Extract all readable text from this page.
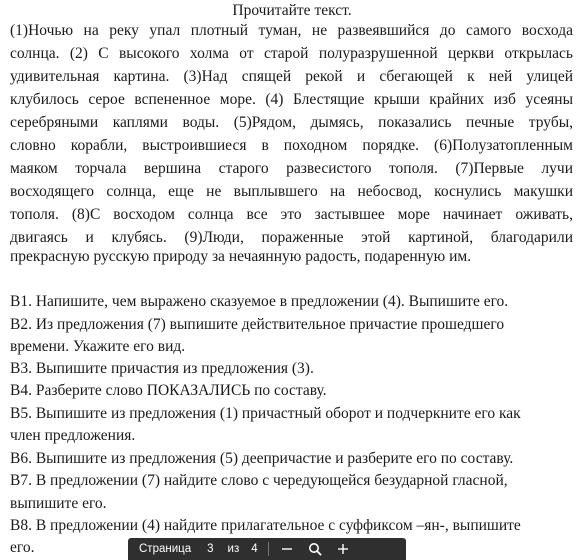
Прочитайте текст.
(1)Ночью на реку упал плотный туман, не развеявшийся до самого восхода
солнца. (2) С высокого холма от старой полуразрушенной церкви открылась
удивительная картина. (3)Над спящей рекой и сбегающей к ней улицей
клубилось серое вспененное море. (4) Блестящие крыши крайних изб усеяны
серебряными каплями воды. (5)Рядом, дымясь, показались печные трубы,
словно корабли, выстроившиеся в походном порядке. (6)Полузатопленным
маяком торчала вершина старого развесистого тополя. (7)Первые лучи
восходящего солнца, еще не выплывшего на небосвод, коснулись макушки
тополя. (8)С восходом солнца все это застывшее море начинает оживать,
двигаясь и клубясь. (9)Люди, пораженные этой картиной, благодарили
прекрасную русскую природу за нечаянную радость, подаренную им.
В1. Напишите, чем выражено сказуемое в предложении (4). Выпишите его.
В2. Из предложения (7) выпишите действительное причастие прошедшего
времени. Укажите его вид.
В3. Выпишите причастия из предложения (3).
В4. Разберите слово ПОКАЗАЛИСЬ по составу.
В5. Выпишите из предложения (1) причастный оборот и подчеркните его как
член предложения.
В6. Выпишите из предложения (5) деепричастие и разберите его по составу.
В7. В предложении (7) найдите слово с чередующейся безударной гласной,
выпишите его.
В8. В предложении (4) найдите прилагательное с суффиксом –ян-, выпишите
его.	Страница 3 из 4
